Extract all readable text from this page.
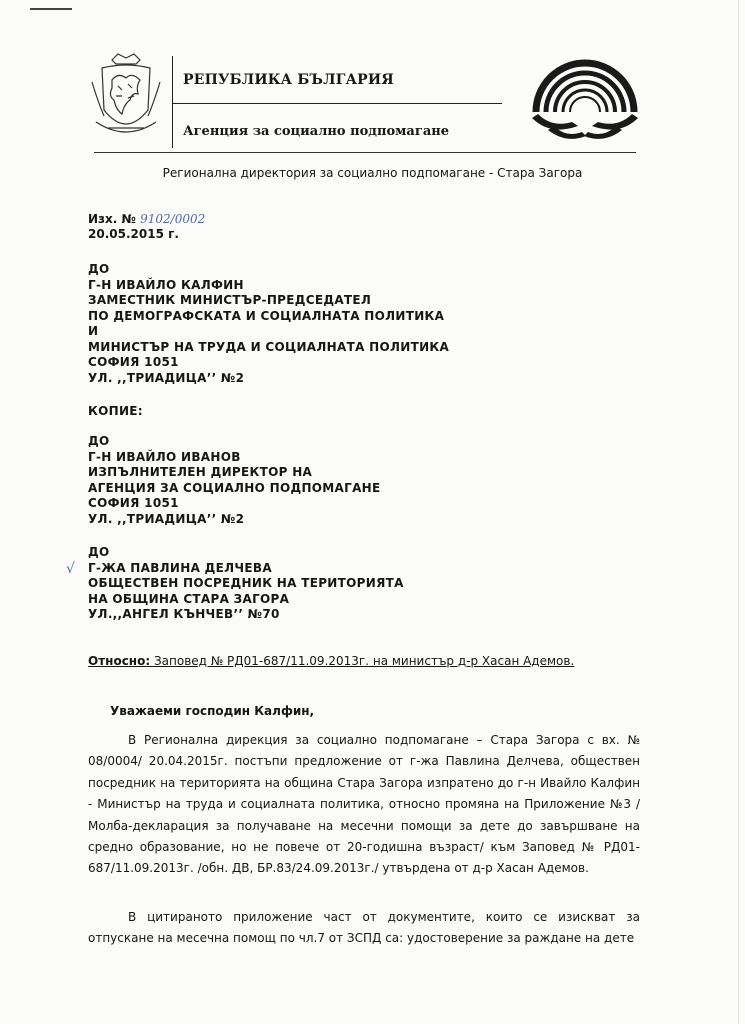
РЕПУБЛИКА БЪЛГАРИЯ
Агенция за социално подпомагане
Регионална директория за социално подпомагане - Стара Загора
Изх. № 9102/0002
20.05.2015 г.
ДО
Г-Н ИВАЙЛО КАЛФИН
ЗАМЕСТНИК МИНИСТЪР-ПРЕДСЕДАТЕЛ
ПО ДЕМОГРАФСКАТА И СОЦИАЛНАТА ПОЛИТИКА
И
МИНИСТЪР НА ТРУДА И СОЦИАЛНАТА ПОЛИТИКА
СОФИЯ 1051
УЛ. ,,ТРИАДИЦА’’ №2
КОПИЕ:
ДО
Г-Н ИВАЙЛО ИВАНОВ
ИЗПЪЛНИТЕЛЕН ДИРЕКТОР НА
АГЕНЦИЯ ЗА СОЦИАЛНО ПОДПОМАГАНЕ
СОФИЯ 1051
УЛ. ,,ТРИАДИЦА’’ №2
√
ДО
Г-ЖА ПАВЛИНА ДЕЛЧЕВА
ОБЩЕСТВЕН ПОСРЕДНИК НА ТЕРИТОРИЯТА
НА ОБЩИНА СТАРА ЗАГОРА
УЛ.,,АНГЕЛ КЪНЧЕВ’’ №70
Относно: Заповед № РД01-687/11.09.2013г. на министър д-р Хасан Адемов.
Уважаеми господин Калфин,
В Регионална дирекция за социално подпомагане – Стара Загора с вх. № 08/0004/ 20.04.2015г. постъпи предложение от г-жа Павлина Делчева, обществен посредник на територията на община Стара Загора изпратено до г-н Ивайло Калфин - Министър на труда и социалната политика, относно промяна на Приложение №3 /Молба-декларация за получаване на месечни помощи за дете до завършване на средно образование, но не повече от 20-годишна възраст/ към Заповед № РД01-687/11.09.2013г. /обн. ДВ, БР.83/24.09.2013г./ утвърдена от д-р Хасан Адемов.
В цитираното приложение част от документите, които се изискват за отпускане на месечна помощ по чл.7 от ЗСПД са: удостоверение за раждане на дете
